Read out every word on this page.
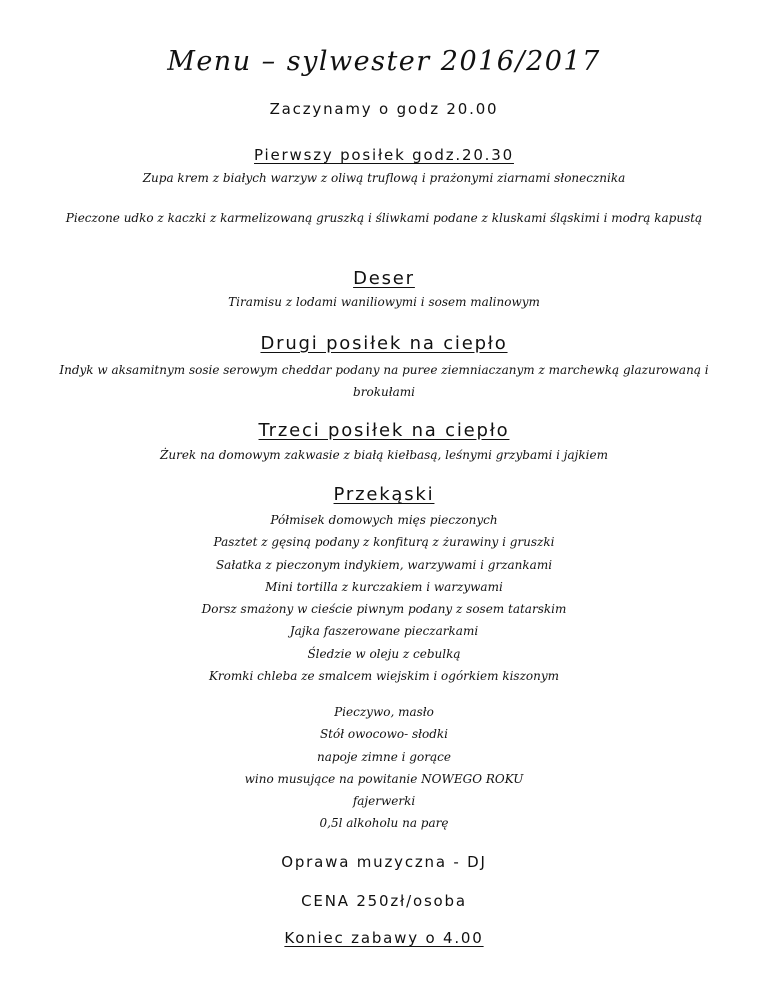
Menu – sylwester 2016/2017
Zaczynamy o godz 20.00
Pierwszy posiłek godz.20.30
Zupa krem z białych warzyw z oliwą truflową i prażonymi ziarnami słonecznika
Pieczone udko z kaczki z karmelizowaną gruszką i śliwkami podane z kluskami śląskimi i modrą kapustą
Deser
Tiramisu z lodami waniliowymi i sosem malinowym
Drugi posiłek na ciepło
Indyk w aksamitnym sosie serowym cheddar podany na puree ziemniaczanym z marchewką glazurowaną i brokułami
Trzeci posiłek na ciepło
Żurek na domowym zakwasie z białą kiełbasą, leśnymi grzybami i jajkiem
Przekąski
Półmisek domowych mięs pieczonych
Pasztet z gęsiną podany z konfiturą z żurawiny i gruszki
Sałatka z pieczonym indykiem, warzywami i grzankami
Mini tortilla z kurczakiem i warzywami
Dorsz smażony w cieście piwnym podany z sosem tatarskim
Jajka faszerowane pieczarkami
Śledzie w oleju z cebulką
Kromki chleba ze smalcem wiejskim i ogórkiem kiszonym
Pieczywo, masło
Stół owocowo- słodki
napoje zimne i gorące
wino musujące na powitanie NOWEGO ROKU
fajerwerki
0,5l alkoholu na parę
Oprawa muzyczna - DJ
CENA 250zł/osoba
Koniec zabawy o 4.00
